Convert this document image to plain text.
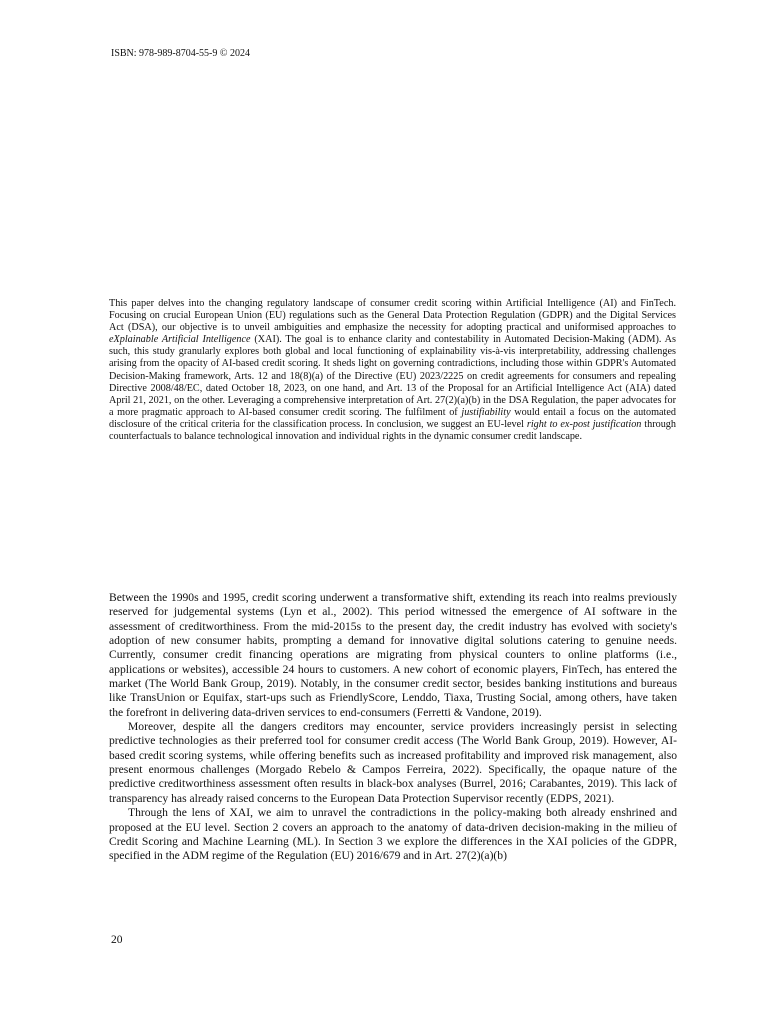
ISBN: 978-989-8704-55-9 © 2024

This paper delves into the changing regulatory landscape of consumer credit scoring within Artificial Intelligence (AI) and FinTech. Focusing on crucial European Union (EU) regulations such as the General Data Protection Regulation (GDPR) and the Digital Services Act (DSA), our objective is to unveil ambiguities and emphasize the necessity for adopting practical and uniformised approaches to eXplainable Artificial Intelligence (XAI). The goal is to enhance clarity and contestability in Automated Decision-Making (ADM). As such, this study granularly explores both global and local functioning of explainability vis-à-vis interpretability, addressing challenges arising from the opacity of AI-based credit scoring. It sheds light on governing contradictions, including those within GDPR's Automated Decision-Making framework, Arts. 12 and 18(8)(a) of the Directive (EU) 2023/2225 on credit agreements for consumers and repealing Directive 2008/48/EC, dated October 18, 2023, on one hand, and Art. 13 of the Proposal for an Artificial Intelligence Act (AIA) dated April 21, 2021, on the other. Leveraging a comprehensive interpretation of Art. 27(2)(a)(b) in the DSA Regulation, the paper advocates for a more pragmatic approach to AI-based consumer credit scoring. The fulfilment of justifiability would entail a focus on the automated disclosure of the critical criteria for the classification process. In conclusion, we suggest an EU-level right to ex-post justification through counterfactuals to balance technological innovation and individual rights in the dynamic consumer credit landscape.

Between the 1990s and 1995, credit scoring underwent a transformative shift, extending its reach into realms previously reserved for judgemental systems (Lyn et al., 2002). This period witnessed the emergence of AI software in the assessment of creditworthiness. From the mid-2015s to the present day, the credit industry has evolved with society's adoption of new consumer habits, prompting a demand for innovative digital solutions catering to genuine needs. Currently, consumer credit financing operations are migrating from physical counters to online platforms (i.e., applications or websites), accessible 24 hours to customers. A new cohort of economic players, FinTech, has entered the market (The World Bank Group, 2019). Notably, in the consumer credit sector, besides banking institutions and bureaus like TransUnion or Equifax, start-ups such as FriendlyScore, Lenddo, Tiaxa, Trusting Social, among others, have taken the forefront in delivering data-driven services to end-consumers (Ferretti & Vandone, 2019).

Moreover, despite all the dangers creditors may encounter, service providers increasingly persist in selecting predictive technologies as their preferred tool for consumer credit access (The World Bank Group, 2019). However, AI-based credit scoring systems, while offering benefits such as increased profitability and improved risk management, also present enormous challenges (Morgado Rebelo & Campos Ferreira, 2022). Specifically, the opaque nature of the predictive creditworthiness assessment often results in black-box analyses (Burrel, 2016; Carabantes, 2019). This lack of transparency has already raised concerns to the European Data Protection Supervisor recently (EDPS, 2021).

Through the lens of XAI, we aim to unravel the contradictions in the policy-making both already enshrined and proposed at the EU level. Section 2 covers an approach to the anatomy of data-driven decision-making in the milieu of Credit Scoring and Machine Learning (ML). In Section 3 we explore the differences in the XAI policies of the GDPR, specified in the ADM regime of the Regulation (EU) 2016/679 and in Art. 27(2)(a)(b)

20
